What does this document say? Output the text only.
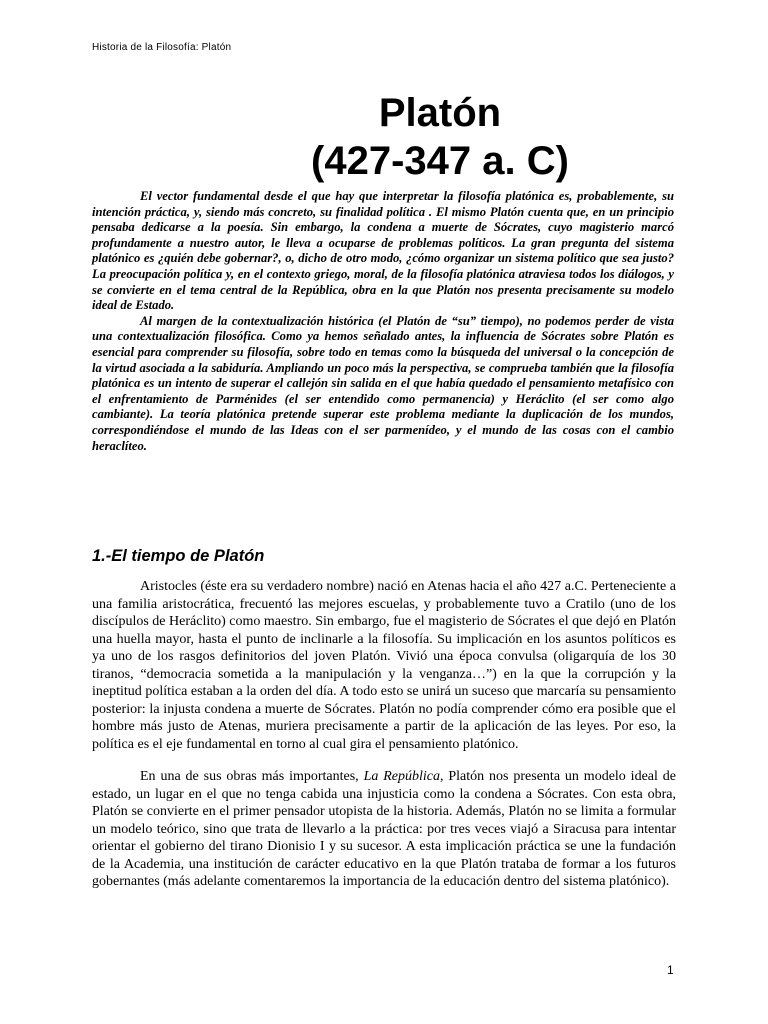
Historia de la Filosofía: Platón
Platón
(427-347 a. C)

El vector fundamental desde el que hay que interpretar la filosofía platónica es, probablemente, su intención práctica, y, siendo más concreto, su finalidad política . El mismo Platón cuenta que, en un principio pensaba dedicarse a la poesía. Sin embargo, la condena a muerte de Sócrates, cuyo magisterio marcó profundamente a nuestro autor, le lleva a ocuparse de problemas políticos. La gran pregunta del sistema platónico es ¿quién debe gobernar?, o, dicho de otro modo, ¿cómo organizar un sistema político que sea justo? La preocupación política y, en el contexto griego, moral, de la filosofía platónica atraviesa todos los diálogos, y se convierte en el tema central de la República, obra en la que Platón nos presenta precisamente su modelo ideal de Estado.

Al margen de la contextualización histórica (el Platón de “su” tiempo), no podemos perder de vista una contextualización filosófica. Como ya hemos señalado antes, la influencia de Sócrates sobre Platón es esencial para comprender su filosofía, sobre todo en temas como la búsqueda del universal o la concepción de la virtud asociada a la sabiduría. Ampliando un poco más la perspectiva, se comprueba también que la filosofía platónica es un intento de superar el callejón sin salida en el que había quedado el pensamiento metafísico con el enfrentamiento de Parménides (el ser entendido como permanencia) y Heráclito (el ser como algo cambiante). La teoría platónica pretende superar este problema mediante la duplicación de los mundos, correspondiéndose el mundo de las Ideas con el ser parmenídeo, y el mundo de las cosas con el cambio heraclíteo.

1.-El tiempo de Platón

Aristocles (éste era su verdadero nombre) nació en Atenas hacia el año 427 a.C. Perteneciente a una familia aristocrática, frecuentó las mejores escuelas, y probablemente tuvo a Cratilo (uno de los discípulos de Heráclito) como maestro. Sin embargo, fue el magisterio de Sócrates el que dejó en Platón una huella mayor, hasta el punto de inclinarle a la filosofía. Su implicación en los asuntos políticos es ya uno de los rasgos definitorios del joven Platón. Vivió una época convulsa (oligarquía de los 30 tiranos, “democracia sometida a la manipulación y la venganza…”) en la que la corrupción y la ineptitud política estaban a la orden del día. A todo esto se unirá un suceso que marcaría su pensamiento posterior: la injusta condena a muerte de Sócrates. Platón no podía comprender cómo era posible que el hombre más justo de Atenas, muriera precisamente a partir de la aplicación de las leyes. Por eso, la política es el eje fundamental en torno al cual gira el pensamiento platónico.

En una de sus obras más importantes, La República, Platón nos presenta un modelo ideal de estado, un lugar en el que no tenga cabida una injusticia como la condena a Sócrates. Con esta obra, Platón se convierte en el primer pensador utopista de la historia. Además, Platón no se limita a formular un modelo teórico, sino que trata de llevarlo a la práctica: por tres veces viajó a Siracusa para intentar orientar el gobierno del tirano Dionisio I y su sucesor. A esta implicación práctica se une la fundación de la Academia, una institución de carácter educativo en la que Platón trataba de formar a los futuros gobernantes (más adelante comentaremos la importancia de la educación dentro del sistema platónico).

1
